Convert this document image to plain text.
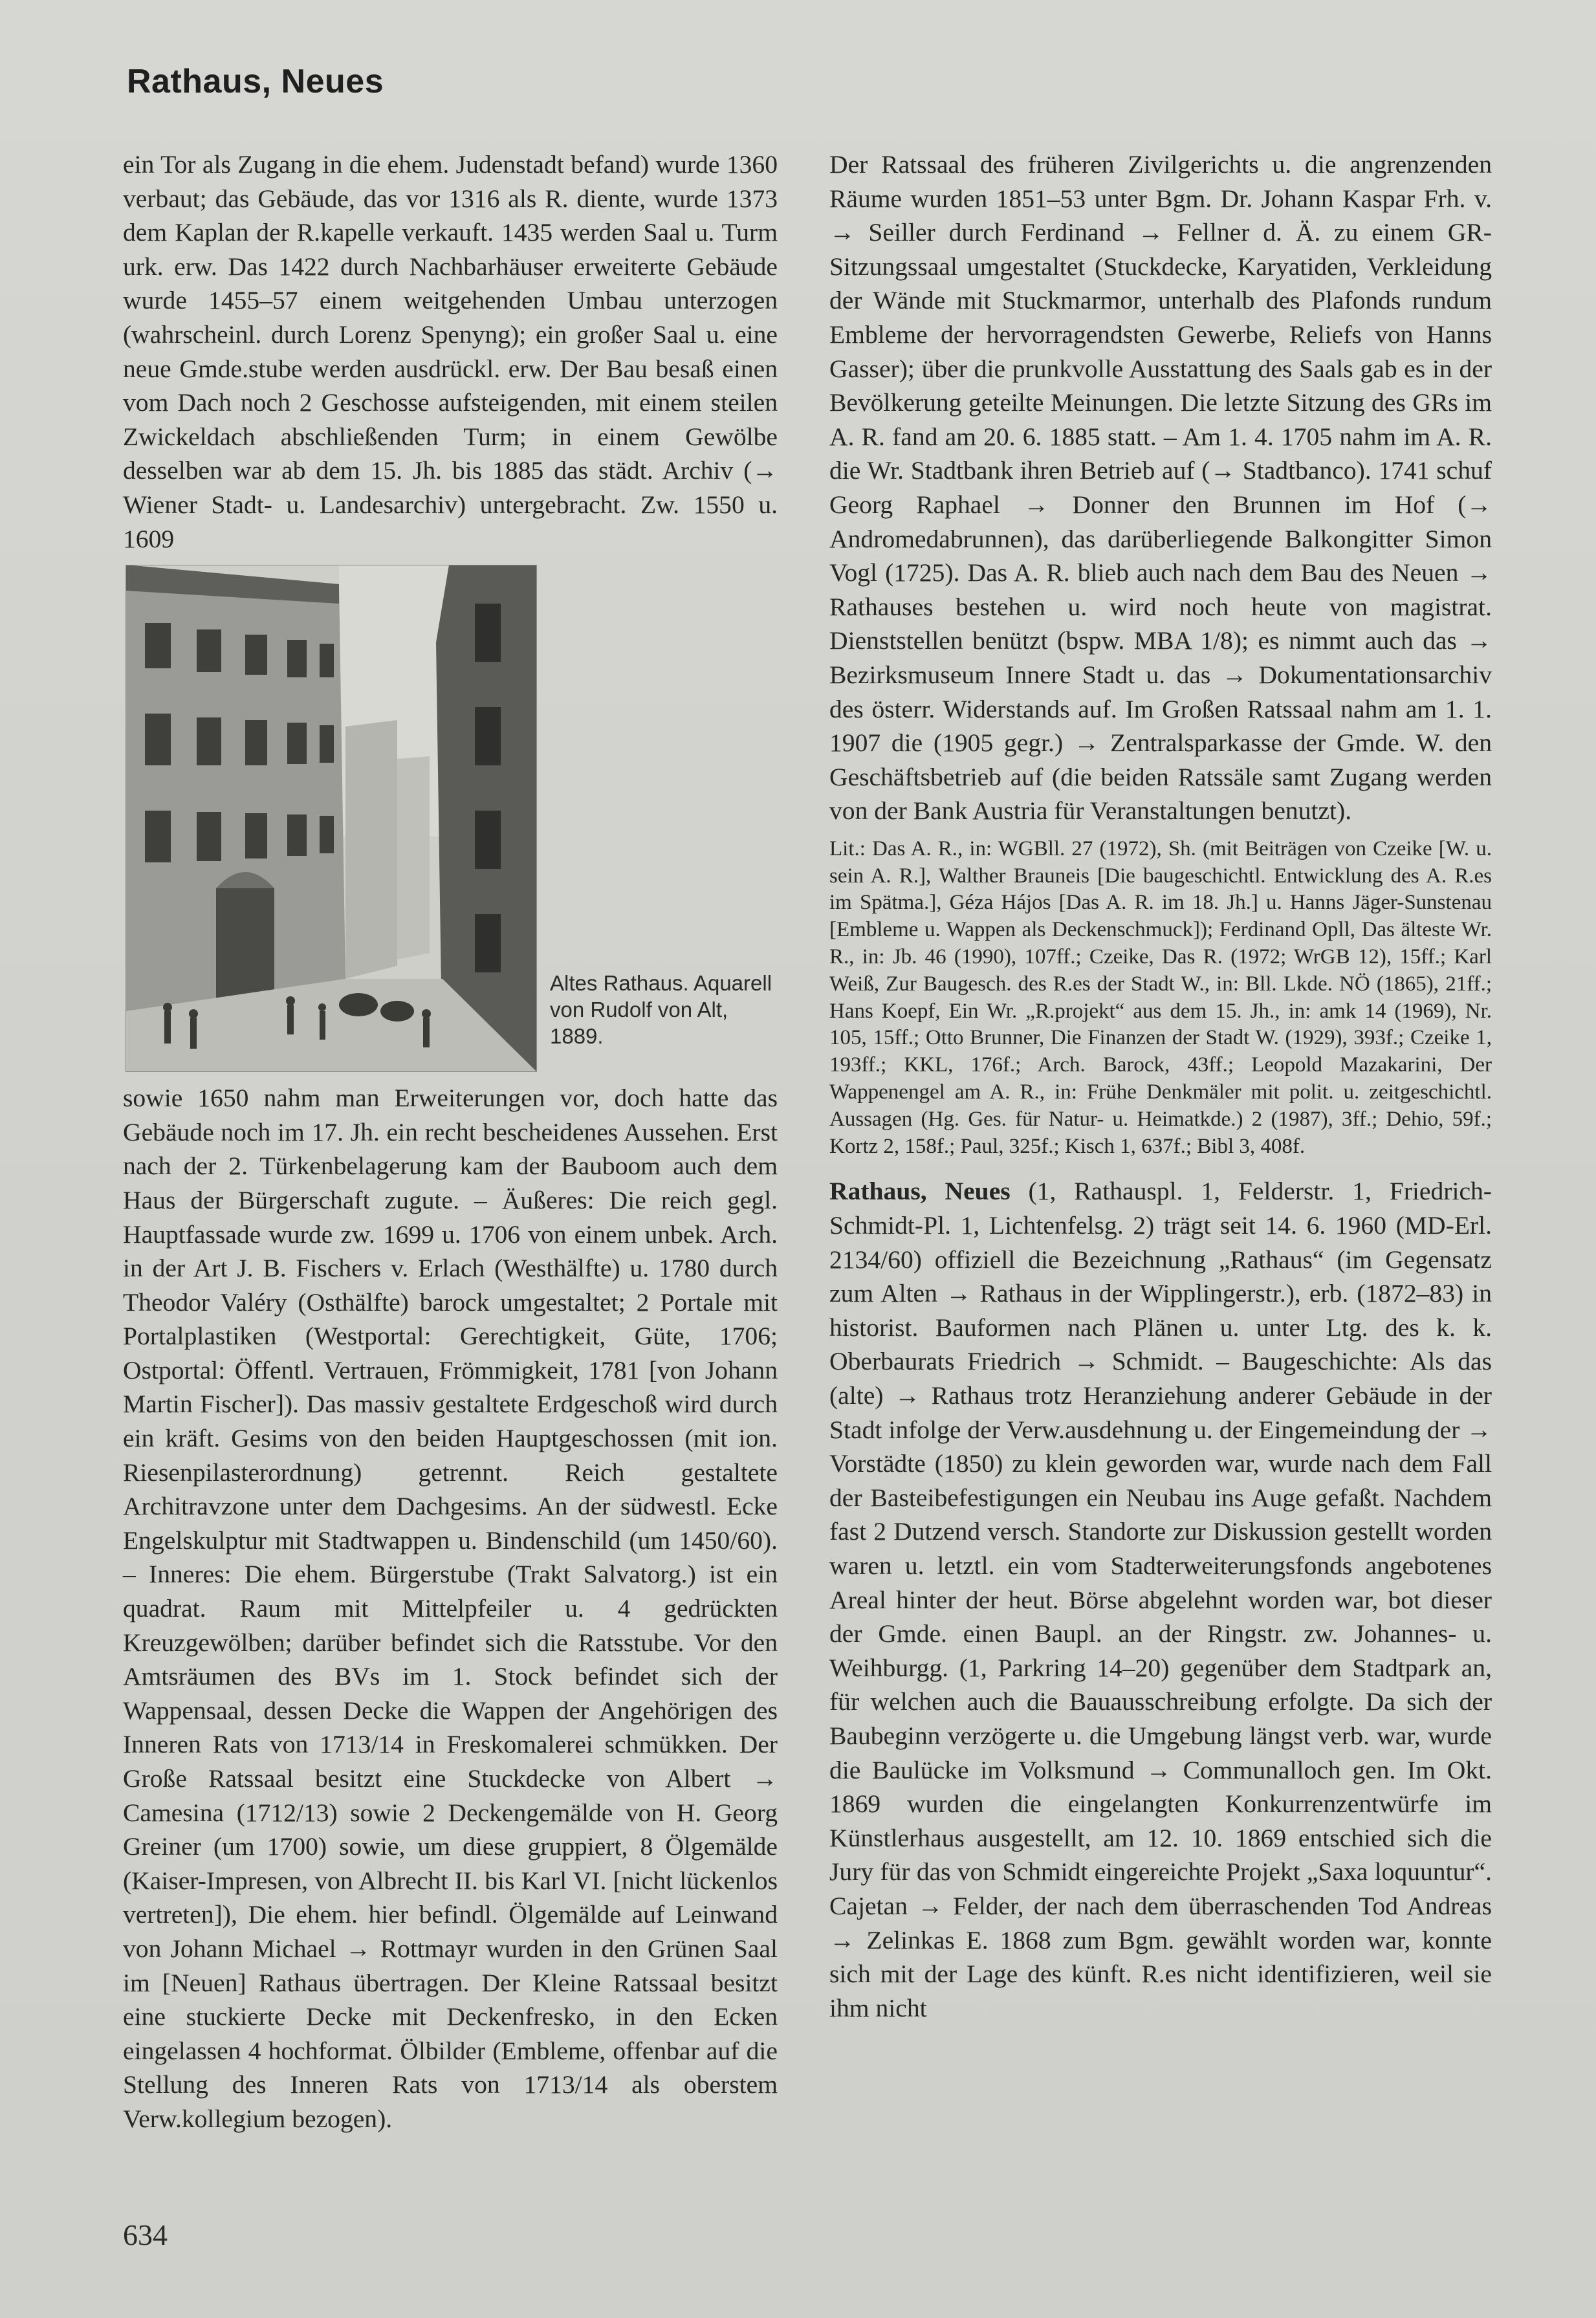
Rathaus, Neues

ein Tor als Zugang in die ehem. Judenstadt befand) wurde 1360 verbaut; das Gebäude, das vor 1316 als R. diente, wurde 1373 dem Kaplan der R.kapelle verkauft. 1435 werden Saal u. Turm urk. erw. Das 1422 durch Nachbarhäuser erweiterte Gebäude wurde 1455–57 einem weitgehenden Umbau unterzogen (wahrscheinl. durch Lorenz Spenyng); ein großer Saal u. eine neue Gmde.stube werden ausdrückl. erw. Der Bau besaß einen vom Dach noch 2 Geschosse aufsteigenden, mit einem steilen Zwickeldach abschließenden Turm; in einem Gewölbe desselben war ab dem 15. Jh. bis 1885 das städt. Archiv (→ Wiener Stadt- u. Landesarchiv) untergebracht. Zw. 1550 u. 1609

Altes Rathaus. Aquarell von Rudolf von Alt, 1889.

sowie 1650 nahm man Erweiterungen vor, doch hatte das Gebäude noch im 17. Jh. ein recht bescheidenes Aussehen. Erst nach der 2. Türkenbelagerung kam der Bauboom auch dem Haus der Bürgerschaft zugute. – Äußeres: Die reich gegl. Hauptfassade wurde zw. 1699 u. 1706 von einem unbek. Arch. in der Art J. B. Fischers v. Erlach (Westhälfte) u. 1780 durch Theodor Valéry (Osthälfte) barock umgestaltet; 2 Portale mit Portalplastiken (Westportal: Gerechtigkeit, Güte, 1706; Ostportal: Öffentl. Vertrauen, Frömmigkeit, 1781 [von Johann Martin Fischer]). Das massiv gestaltete Erdgeschoß wird durch ein kräft. Gesims von den beiden Hauptgeschossen (mit ion. Riesenpilasterordnung) getrennt. Reich gestaltete Architravzone unter dem Dachgesims. An der südwestl. Ecke Engelskulptur mit Stadtwappen u. Bindenschild (um 1450/60). – Inneres: Die ehem. Bürgerstube (Trakt Salvatorg.) ist ein quadrat. Raum mit Mittelpfeiler u. 4 gedrückten Kreuzgewölben; darüber befindet sich die Ratsstube. Vor den Amtsräumen des BVs im 1. Stock befindet sich der Wappensaal, dessen Decke die Wappen der Angehörigen des Inneren Rats von 1713/14 in Freskomalerei schmükken. Der Große Ratssaal besitzt eine Stuckdecke von Albert → Camesina (1712/13) sowie 2 Deckengemälde von H. Georg Greiner (um 1700) sowie, um diese gruppiert, 8 Ölgemälde (Kaiser-Impresen, von Albrecht II. bis Karl VI. [nicht lückenlos vertreten]), Die ehem. hier befindl. Ölgemälde auf Leinwand von Johann Michael → Rottmayr wurden in den Grünen Saal im [Neuen] Rathaus übertragen. Der Kleine Ratssaal besitzt eine stuckierte Decke mit Deckenfresko, in den Ecken eingelassen 4 hochformat. Ölbilder (Embleme, offenbar auf die Stellung des Inneren Rats von 1713/14 als oberstem Verw.kollegium bezogen).

Der Ratssaal des früheren Zivilgerichts u. die angrenzenden Räume wurden 1851–53 unter Bgm. Dr. Johann Kaspar Frh. v. → Seiller durch Ferdinand → Fellner d. Ä. zu einem GR-Sitzungssaal umgestaltet (Stuckdecke, Karyatiden, Verkleidung der Wände mit Stuckmarmor, unterhalb des Plafonds rundum Embleme der hervorragendsten Gewerbe, Reliefs von Hanns Gasser); über die prunkvolle Ausstattung des Saals gab es in der Bevölkerung geteilte Meinungen. Die letzte Sitzung des GRs im A. R. fand am 20. 6. 1885 statt. – Am 1. 4. 1705 nahm im A. R. die Wr. Stadtbank ihren Betrieb auf (→ Stadtbanco). 1741 schuf Georg Raphael → Donner den Brunnen im Hof (→ Andromedabrunnen), das darüberliegende Balkongitter Simon Vogl (1725). Das A. R. blieb auch nach dem Bau des Neuen → Rathauses bestehen u. wird noch heute von magistrat. Dienststellen benützt (bspw. MBA 1/8); es nimmt auch das → Bezirksmuseum Innere Stadt u. das → Dokumentationsarchiv des österr. Widerstands auf. Im Großen Ratssaal nahm am 1. 1. 1907 die (1905 gegr.) → Zentralsparkasse der Gmde. W. den Geschäftsbetrieb auf (die beiden Ratssäle samt Zugang werden von der Bank Austria für Veranstaltungen benutzt).

Lit.: Das A. R., in: WGBll. 27 (1972), Sh. (mit Beiträgen von Czeike [W. u. sein A. R.], Walther Brauneis [Die baugeschichtl. Entwicklung des A. R.es im Spätma.], Géza Hájos [Das A. R. im 18. Jh.] u. Hanns Jäger-Sunstenau [Embleme u. Wappen als Deckenschmuck]); Ferdinand Opll, Das älteste Wr. R., in: Jb. 46 (1990), 107ff.; Czeike, Das R. (1972; WrGB 12), 15ff.; Karl Weiß, Zur Baugesch. des R.es der Stadt W., in: Bll. Lkde. NÖ (1865), 21ff.; Hans Koepf, Ein Wr. „R.projekt“ aus dem 15. Jh., in: amk 14 (1969), Nr. 105, 15ff.; Otto Brunner, Die Finanzen der Stadt W. (1929), 393f.; Czeike 1, 193ff.; KKL, 176f.; Arch. Barock, 43ff.; Leopold Mazakarini, Der Wappenengel am A. R., in: Frühe Denkmäler mit polit. u. zeitgeschichtl. Aussagen (Hg. Ges. für Natur- u. Heimatkde.) 2 (1987), 3ff.; Dehio, 59f.; Kortz 2, 158f.; Paul, 325f.; Kisch 1, 637f.; Bibl 3, 408f.

Rathaus, Neues (1, Rathauspl. 1, Felderstr. 1, Friedrich-Schmidt-Pl. 1, Lichtenfelsg. 2) trägt seit 14. 6. 1960 (MD-Erl. 2134/60) offiziell die Bezeichnung „Rathaus“ (im Gegensatz zum Alten → Rathaus in der Wipplingerstr.), erb. (1872–83) in historist. Bauformen nach Plänen u. unter Ltg. des k. k. Oberbaurats Friedrich → Schmidt. – Baugeschichte: Als das (alte) → Rathaus trotz Heranziehung anderer Gebäude in der Stadt infolge der Verw.ausdehnung u. der Eingemeindung der → Vorstädte (1850) zu klein geworden war, wurde nach dem Fall der Basteibefestigungen ein Neubau ins Auge gefaßt. Nachdem fast 2 Dutzend versch. Standorte zur Diskussion gestellt worden waren u. letztl. ein vom Stadterweiterungsfonds angebotenes Areal hinter der heut. Börse abgelehnt worden war, bot dieser der Gmde. einen Baupl. an der Ringstr. zw. Johannes- u. Weihburgg. (1, Parkring 14–20) gegenüber dem Stadtpark an, für welchen auch die Bauausschreibung erfolgte. Da sich der Baubeginn verzögerte u. die Umgebung längst verb. war, wurde die Baulücke im Volksmund → Communalloch gen. Im Okt. 1869 wurden die eingelangten Konkurrenzentwürfe im Künstlerhaus ausgestellt, am 12. 10. 1869 entschied sich die Jury für das von Schmidt eingereichte Projekt „Saxa loquuntur“. Cajetan → Felder, der nach dem überraschenden Tod Andreas → Zelinkas E. 1868 zum Bgm. gewählt worden war, konnte sich mit der Lage des künft. R.es nicht identifizieren, weil sie ihm nicht

634
